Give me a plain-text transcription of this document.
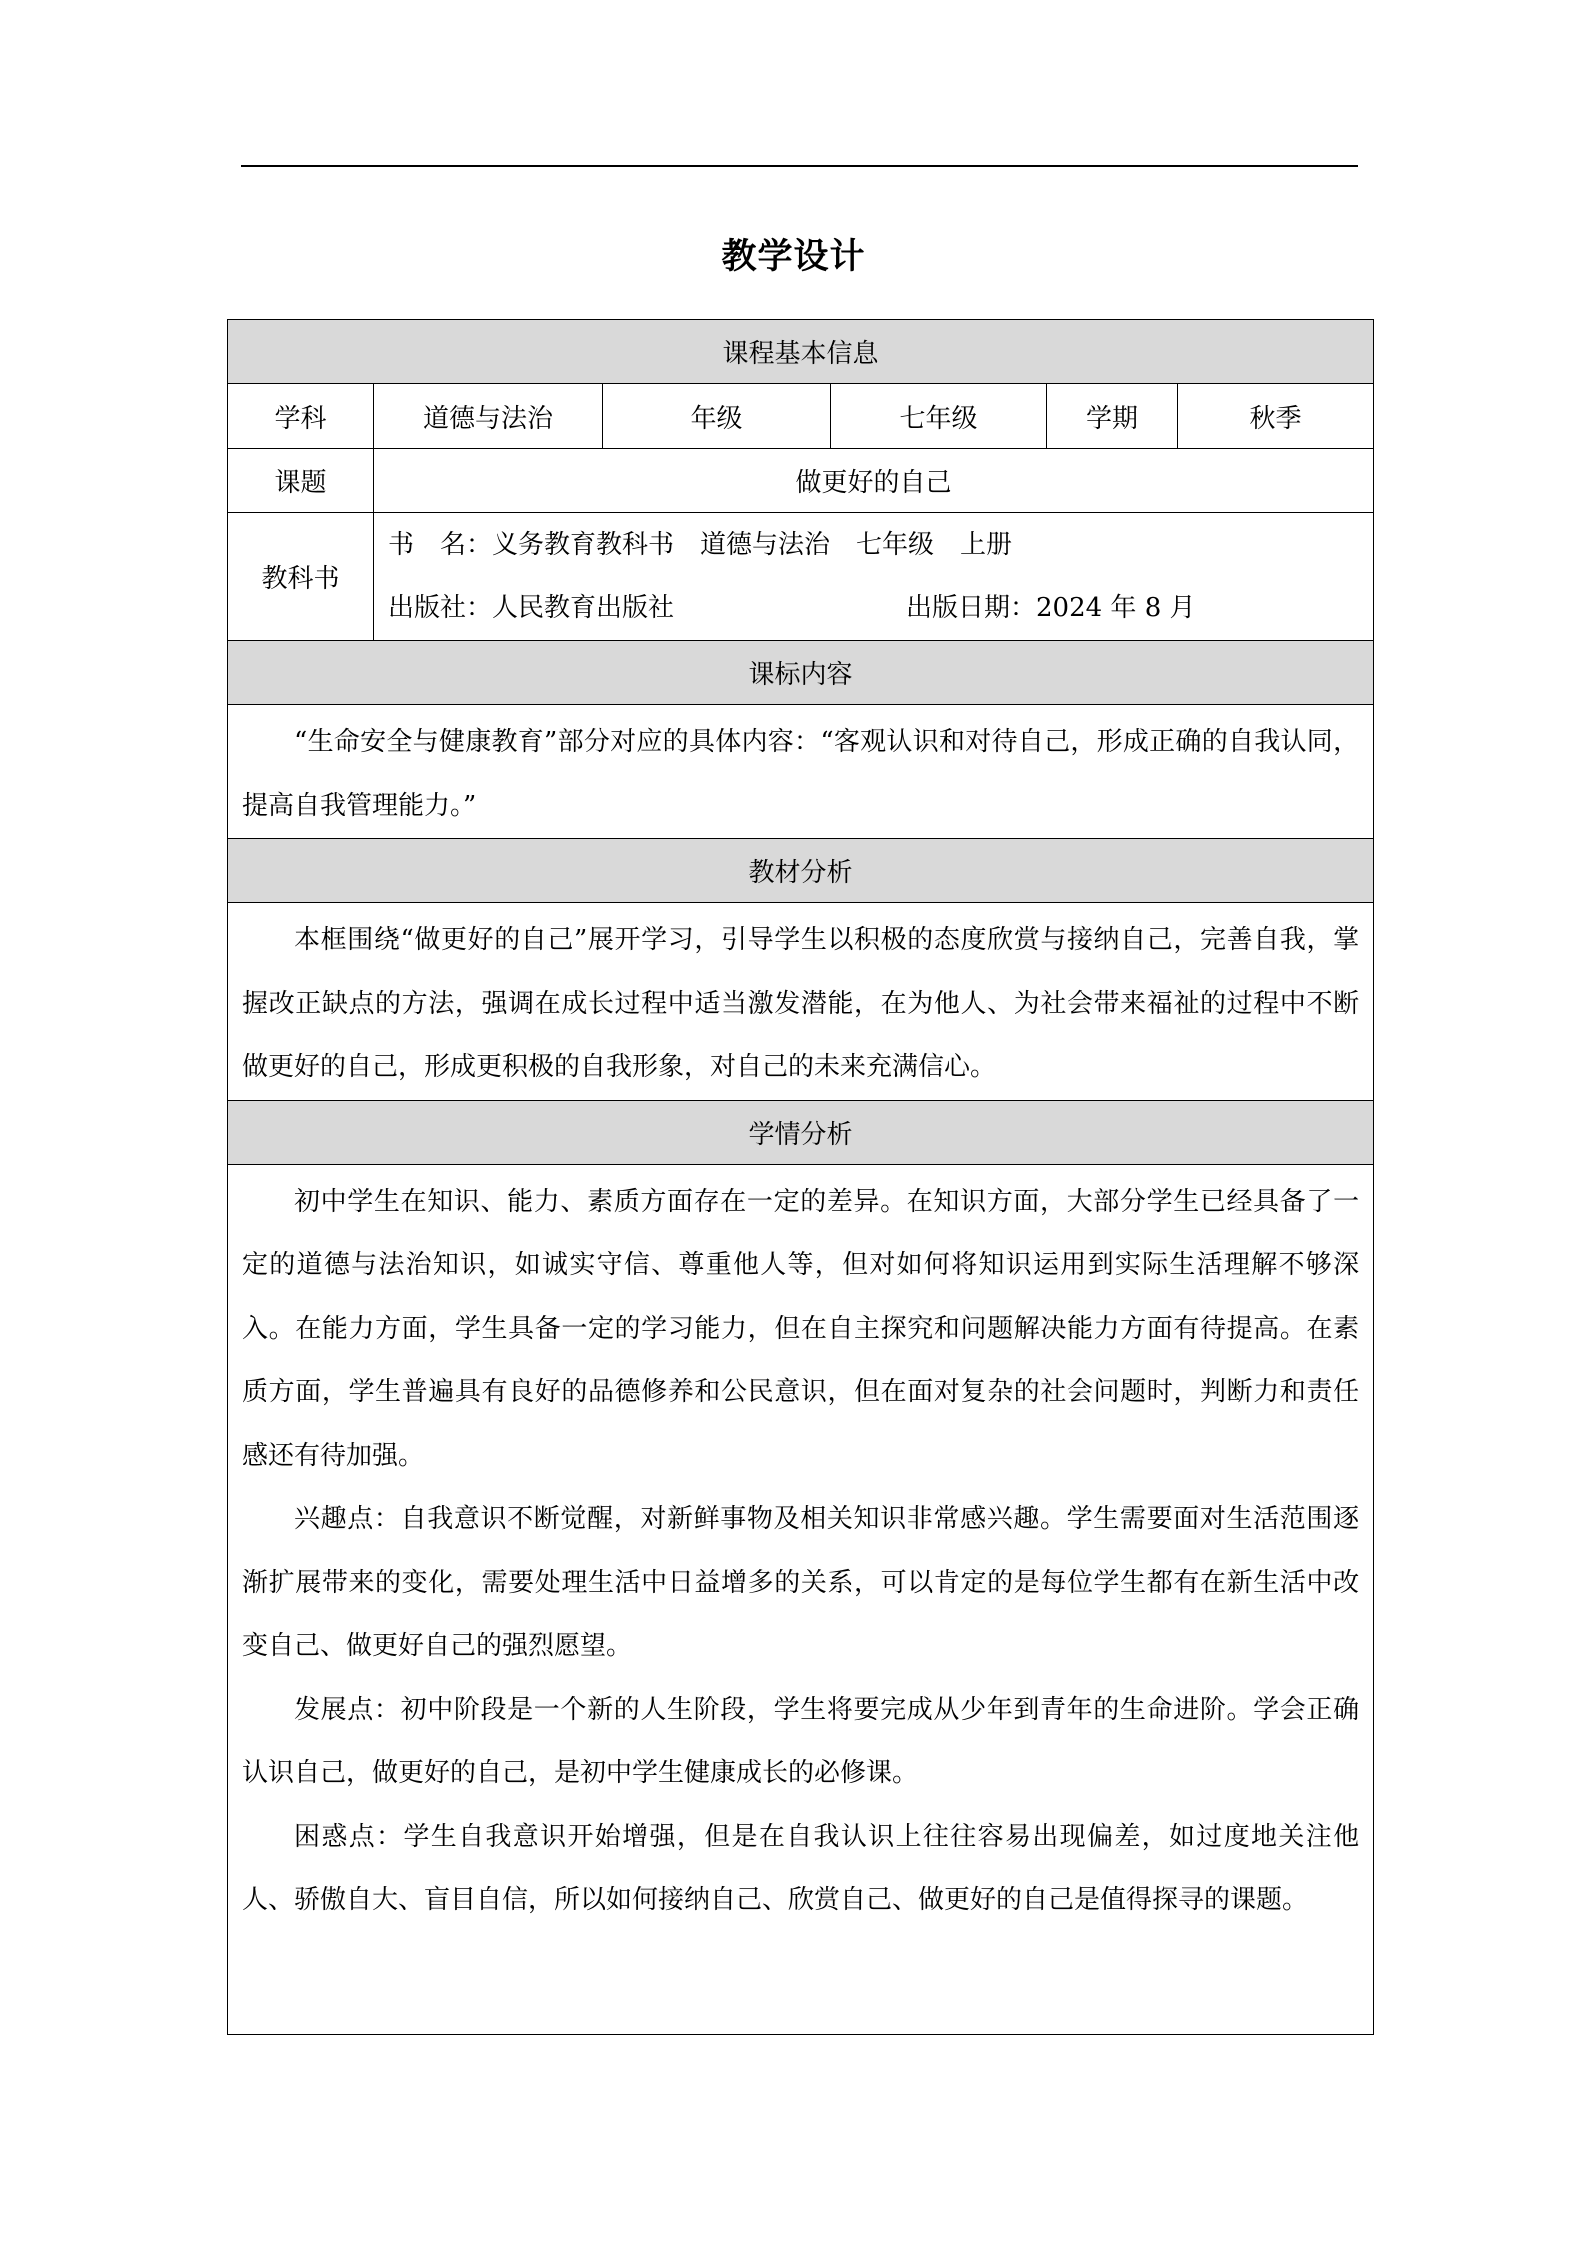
教学设计
课程基本信息					
学科	道德与法治	年级	七年级	学期	秋季
课题	做更好的自己				
教科书	书　名：义务教育教科书　道德与法治　七年级　上册
出版社：人民教育出版社 出版日期：2024 年 8 月				

课标内容					

“生命安全与健康教育”部分对应的具体内容：“客观认识和对待自己，形成正确的自我认同，提高自我管理能力。”					

教材分析					

本框围绕“做更好的自己”展开学习，引导学生以积极的态度欣赏与接纳自己，完善自我，掌握改正缺点的方法，强调在成长过程中适当激发潜能，在为他人、为社会带来福祉的过程中不断做更好的自己，形成更积极的自我形象，对自己的未来充满信心。					

学情分析					

初中学生在知识、能力、素质方面存在一定的差异。在知识方面，大部分学生已经具备了一定的道德与法治知识，如诚实守信、尊重他人等，但对如何将知识运用到实际生活理解不够深入。在能力方面，学生具备一定的学习能力，但在自主探究和问题解决能力方面有待提高。在素质方面，学生普遍具有良好的品德修养和公民意识，但在面对复杂的社会问题时，判断力和责任感还有待加强。

兴趣点：自我意识不断觉醒，对新鲜事物及相关知识非常感兴趣。学生需要面对生活范围逐渐扩展带来的变化，需要处理生活中日益增多的关系，可以肯定的是每位学生都有在新生活中改变自己、做更好自己的强烈愿望。

发展点：初中阶段是一个新的人生阶段，学生将要完成从少年到青年的生命进阶。学会正确认识自己，做更好的自己，是初中学生健康成长的必修课。

困惑点：学生自我意识开始增强，但是在自我认识上往往容易出现偏差，如过度地关注他人、骄傲自大、盲目自信，所以如何接纳自己、欣赏自己、做更好的自己是值得探寻的课题。					
